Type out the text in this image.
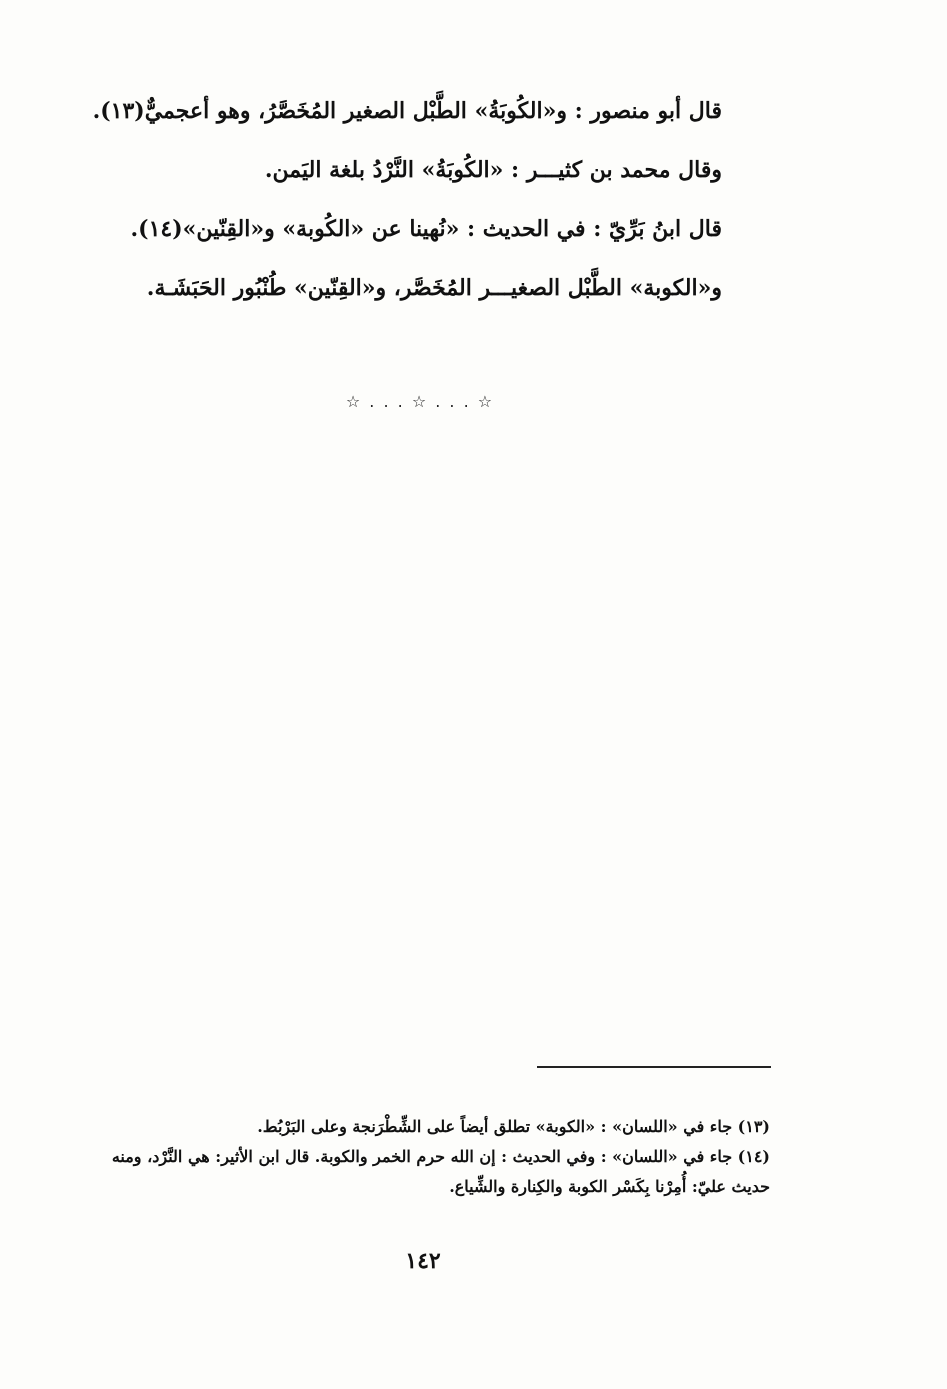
قال أبو منصور : و«الكُوبَةُ» الطَّبْل الصغير المُخَصَّرُ، وهو أعجميٌّ(١٣).

وقال محمد بن كثيـــر : «الكُوبَةُ» النَّرْدُ بلغة اليَمن.

قال ابنُ بَرِّيّ : في الحديث : «نُهينا عن «الكُوبة» و«القِنّين»(١٤).

و«الكوبة» الطَّبْل الصغيـــر المُخَصَّر، و«القِنّين» طُنْبُور الحَبَشَـة.

☆ . . . ☆ . . . ☆

(١٣) جاء في «اللسان» : «الكوبة» تطلق أيضاً على الشِّطْرَنجة وعلى البَرْبُط.

(١٤) جاء في «اللسان» : وفي الحديث : إن الله حرم الخمر والكوبة. قال ابن الأثير: هي النَّرْد، ومنه حديث عليّ: أُمِرْنا بِكَسْر الكوبة والكِنارة والشِّياع.

١٤٢
